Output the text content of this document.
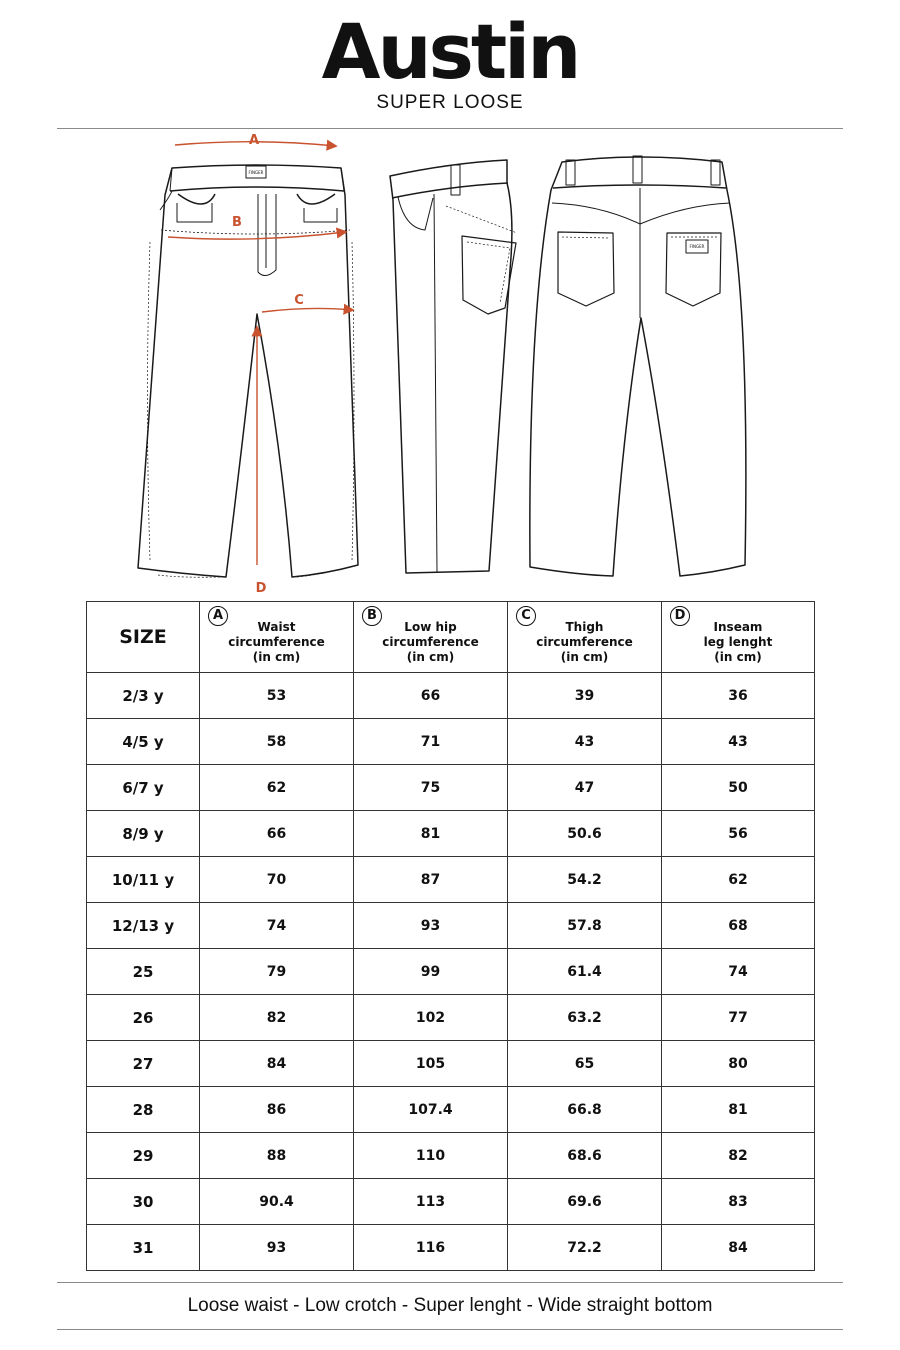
Austin
SUPER LOOSE
FINGER
FINGER
A
B
C
D
SIZE	A
Waist
circumference
(in cm)	B
Low hip
circumference
(in cm)	C
Thigh
circumference
(in cm)	D
Inseam
leg lenght
(in cm)

2/3 y	53	66	39	36
4/5 y	58	71	43	43
6/7 y	62	75	47	50
8/9 y	66	81	50.6	56
10/11 y	70	87	54.2	62
12/13 y	74	93	57.8	68
25	79	99	61.4	74
26	82	102	63.2	77
27	84	105	65	80
28	86	107.4	66.8	81
29	88	110	68.6	82
30	90.4	113	69.6	83
31	93	116	72.2	84
Loose waist - Low crotch - Super lenght - Wide straight bottom
